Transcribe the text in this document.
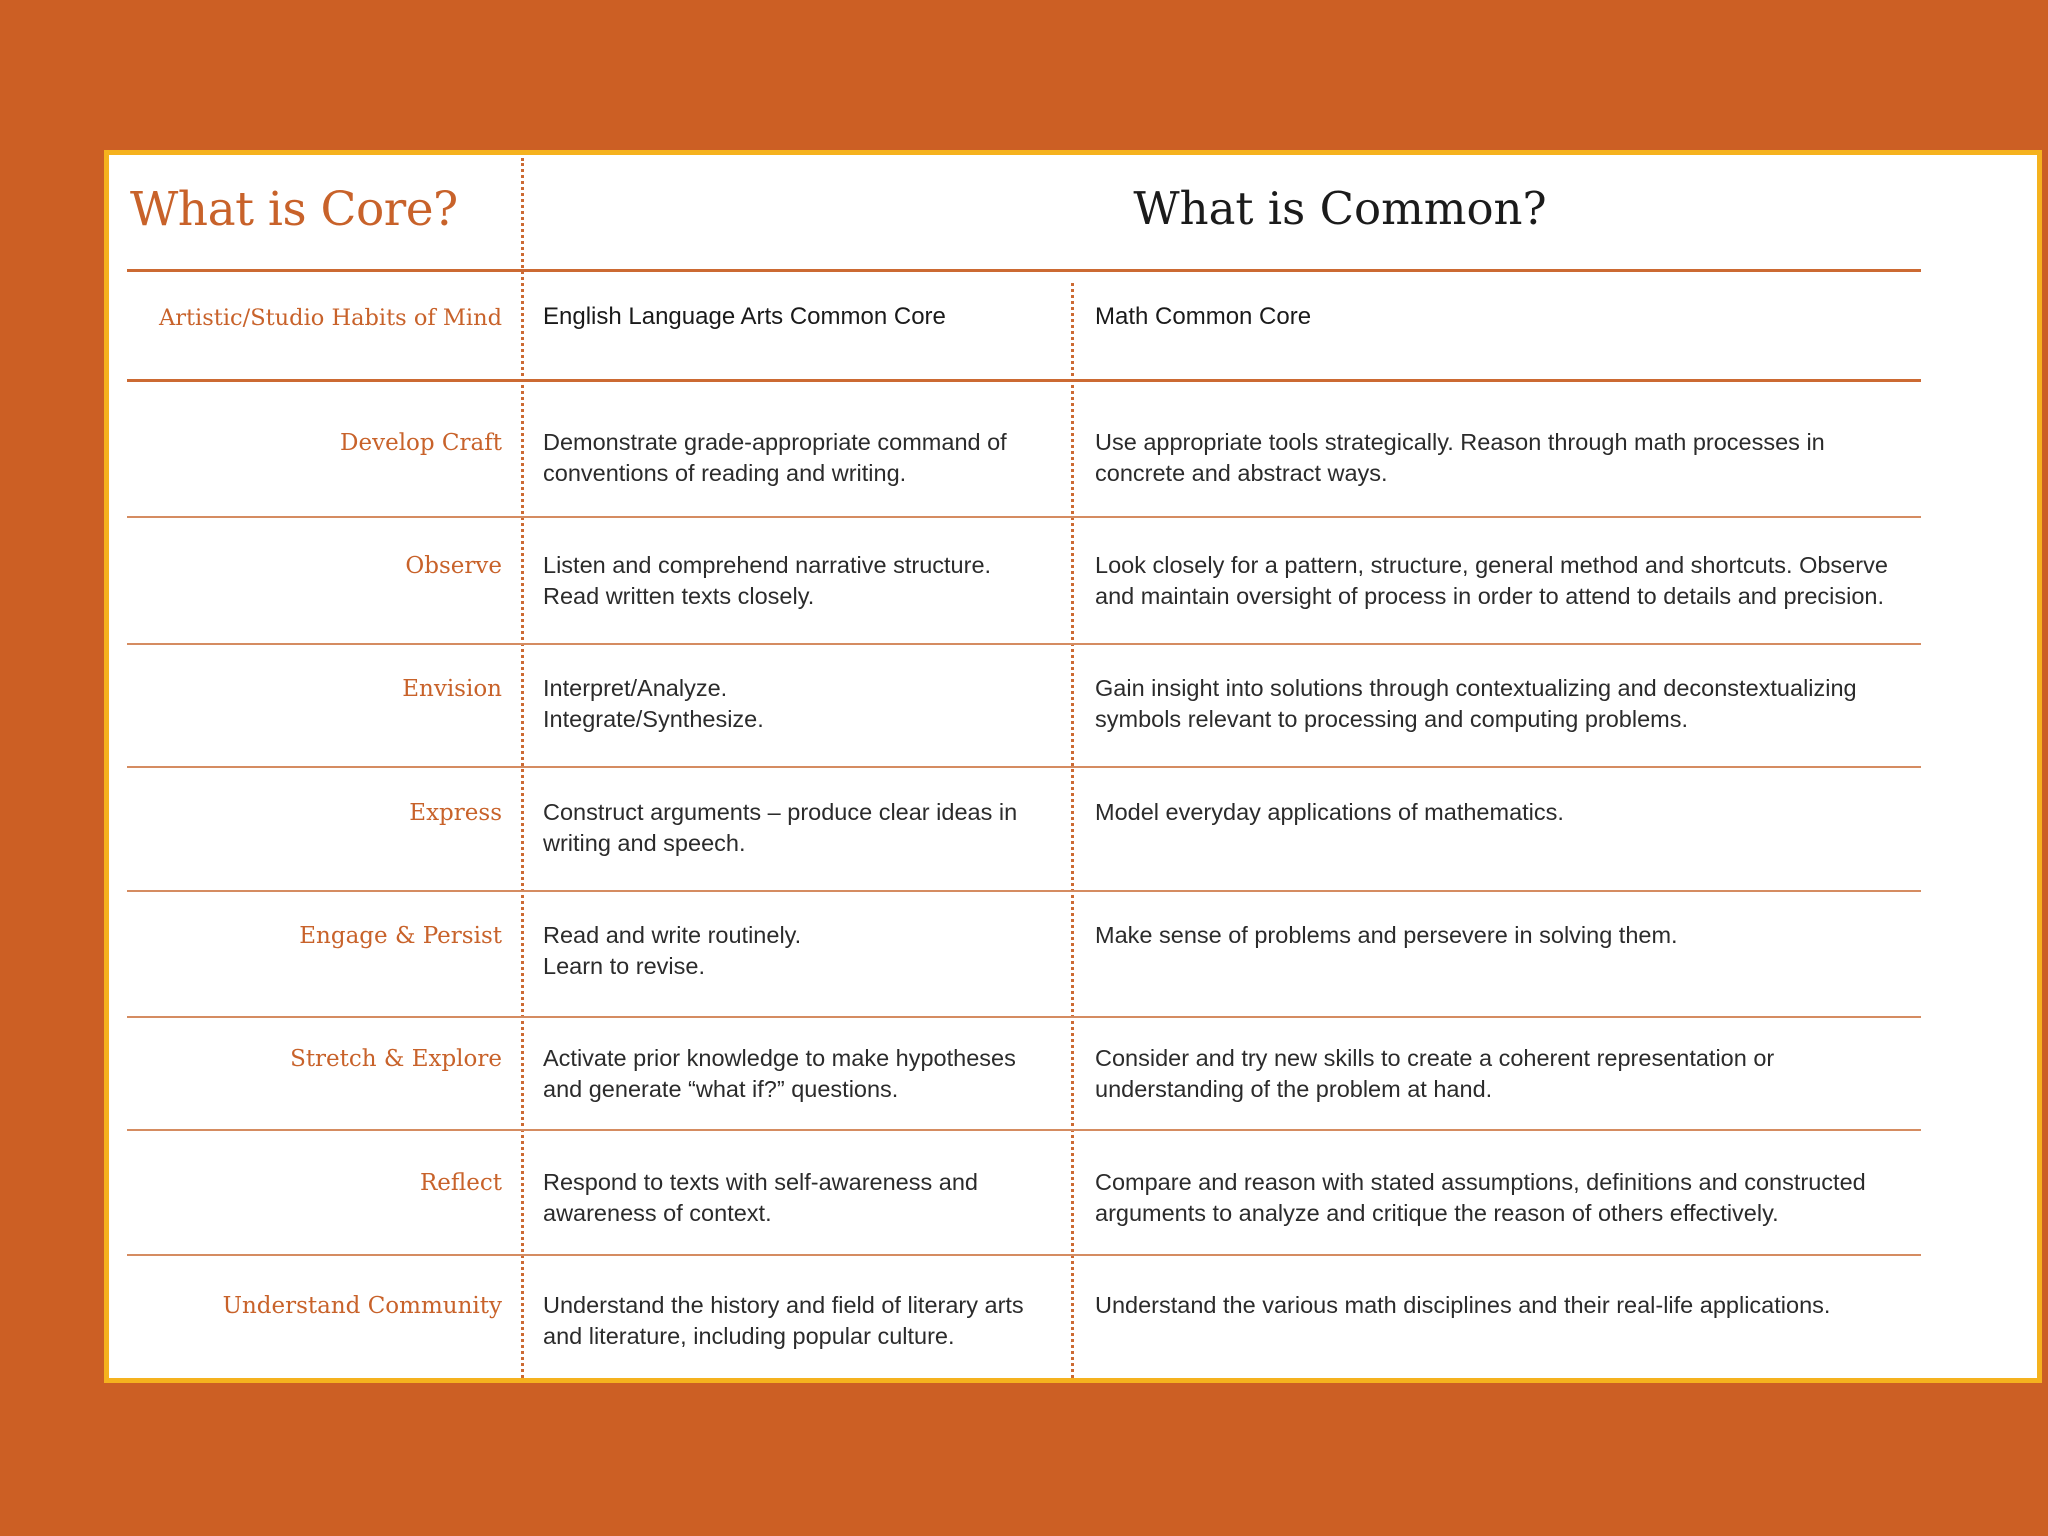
What is Core?	What is Common?
Artistic/Studio Habits of Mind English Language Arts Common Core	Math Common Core
Develop Craft Demonstrate grade-appropriate command of
conventions of reading and writing.
Use appropriate tools strategically. Reason through math processes in
concrete and abstract ways.
Observe Listen and comprehend narrative structure.
Read written texts closely.
Look closely for a pattern, structure, general method and shortcuts. Observe
and maintain oversight of process in order to attend to details and precision.
Envision Interpret/Analyze.
Integrate/Synthesize.
Gain insight into solutions through contextualizing and deconstextualizing
symbols relevant to processing and computing problems.
Express Construct arguments – produce clear ideas in
writing and speech.
Model everyday applications of mathematics.
Engage & Persist Read and write routinely.
Learn to revise.
Make sense of problems and persevere in solving them.
Stretch & Explore Activate prior knowledge to make hypotheses
and generate “what if?” questions.
Consider and try new skills to create a coherent representation or
understanding of the problem at hand.
Reflect Respond to texts with self-awareness and
awareness of context.
Compare and reason with stated assumptions, definitions and constructed
arguments to analyze and critique the reason of others effectively.
Understand Community Understand the history and field of literary arts
and literature, including popular culture.
Understand the various math disciplines and their real-life applications.
